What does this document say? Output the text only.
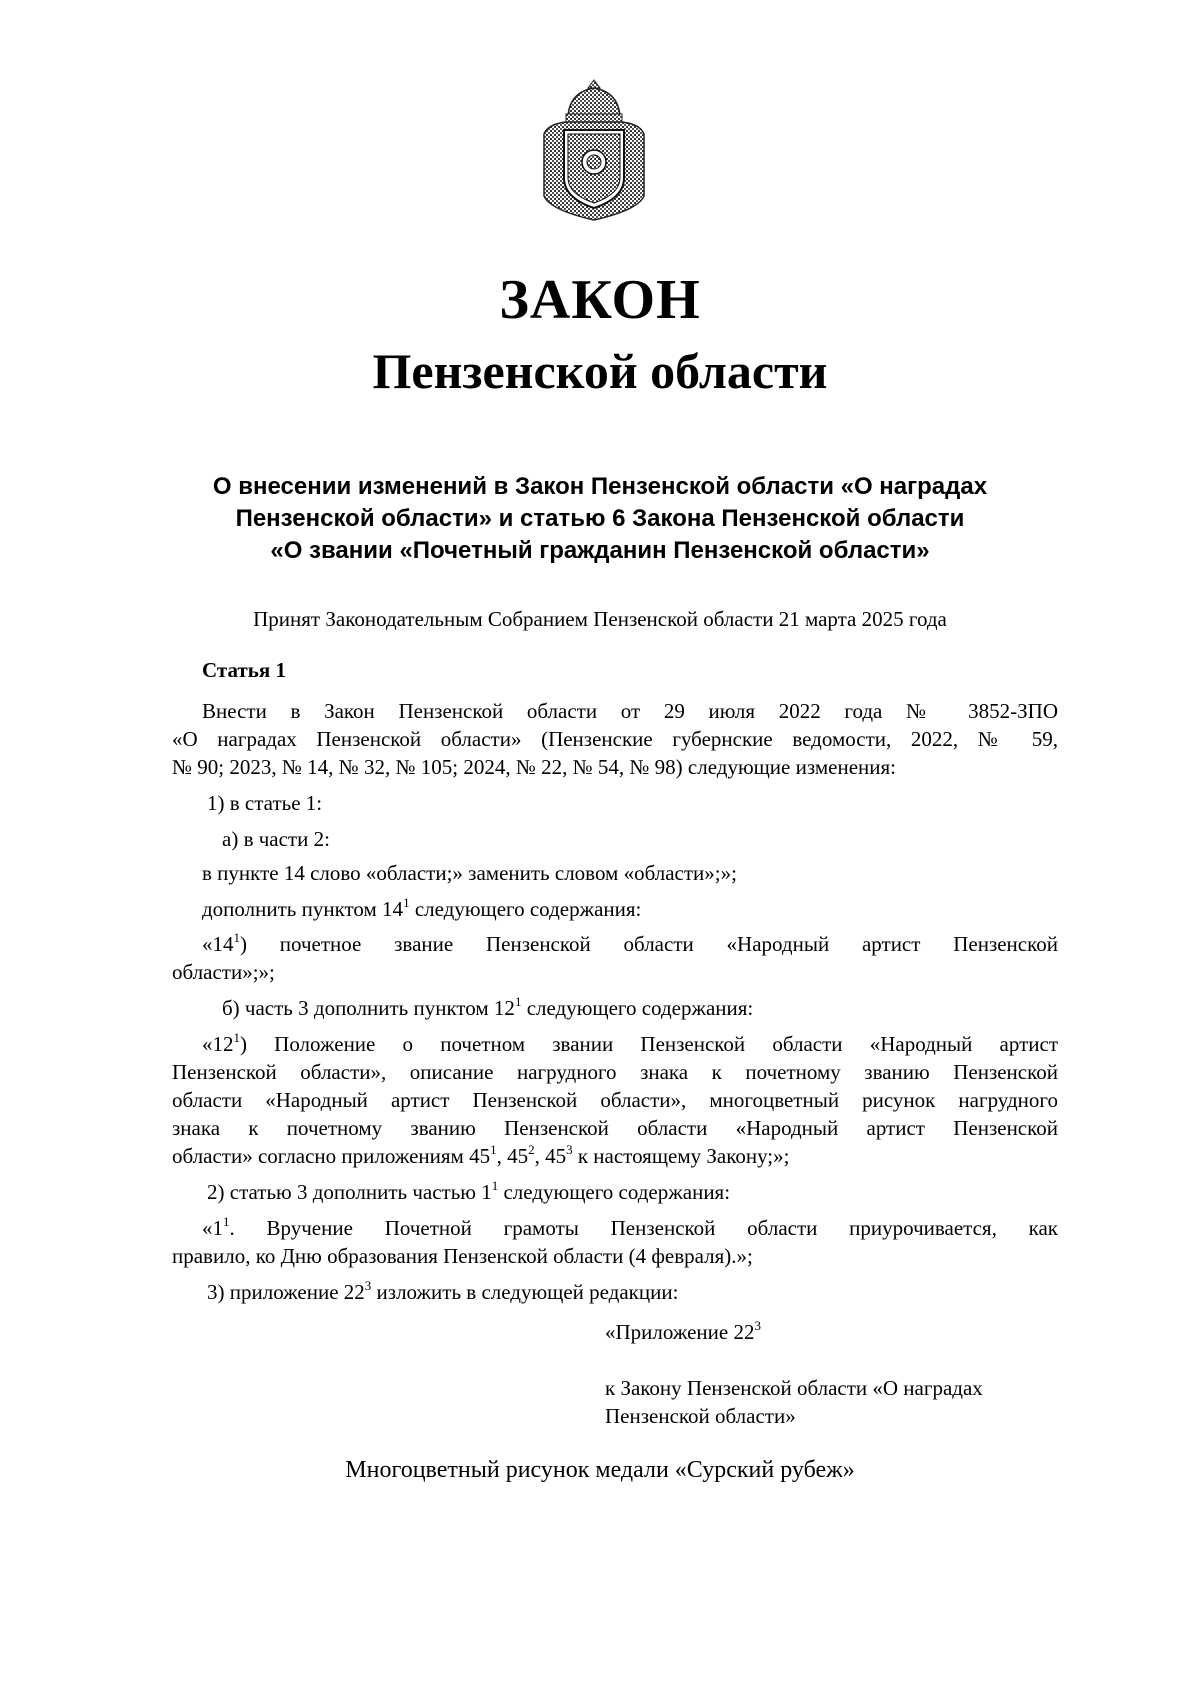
ЗАКОН
Пензенской области
О внесении изменений в Закон Пензенской области «О наградах
Пензенской области» и статью 6 Закона Пензенской области
«О звании «Почетный гражданин Пензенской области»
Принят Законодательным Собранием Пензенской области 21 марта 2025 года
Статья 1
Внести в Закон Пензенской области от 29 июля 2022 года № 3852-ЗПО
«О наградах Пензенской области» (Пензенские губернские ведомости, 2022, № 59,
№ 90; 2023, № 14, № 32, № 105; 2024, № 22, № 54, № 98) следующие изменения:
1) в статье 1:
а) в части 2:
в пункте 14 слово «области;» заменить словом «области»;»;
дополнить пунктом $14^1$ следующего содержания:
«$14^1$) почетное звание Пензенской области «Народный артист Пензенской
области»;»;
б) часть 3 дополнить пунктом $12^1$ следующего содержания:
«$12^1$) Положение о почетном звании Пензенской области «Народный артист
Пензенской области», описание нагрудного знака к почетному званию Пензенской
области «Народный артист Пензенской области», многоцветный рисунок нагрудного
знака к почетному званию Пензенской области «Народный артист Пензенской
области» согласно приложениям $45^1$, $45^2$, $45^3$ к настоящему Закону;»;
2) статью 3 дополнить частью $1^1$ следующего содержания:
«$1^1$. Вручение Почетной грамоты Пензенской области приурочивается, как
правило, ко Дню образования Пензенской области (4 февраля).»;
3) приложение $22^3$ изложить в следующей редакции:
«Приложение $22^3$
к Закону Пензенской области «О наградах
Пензенской области»
Многоцветный рисунок медали «Сурский рубеж»
